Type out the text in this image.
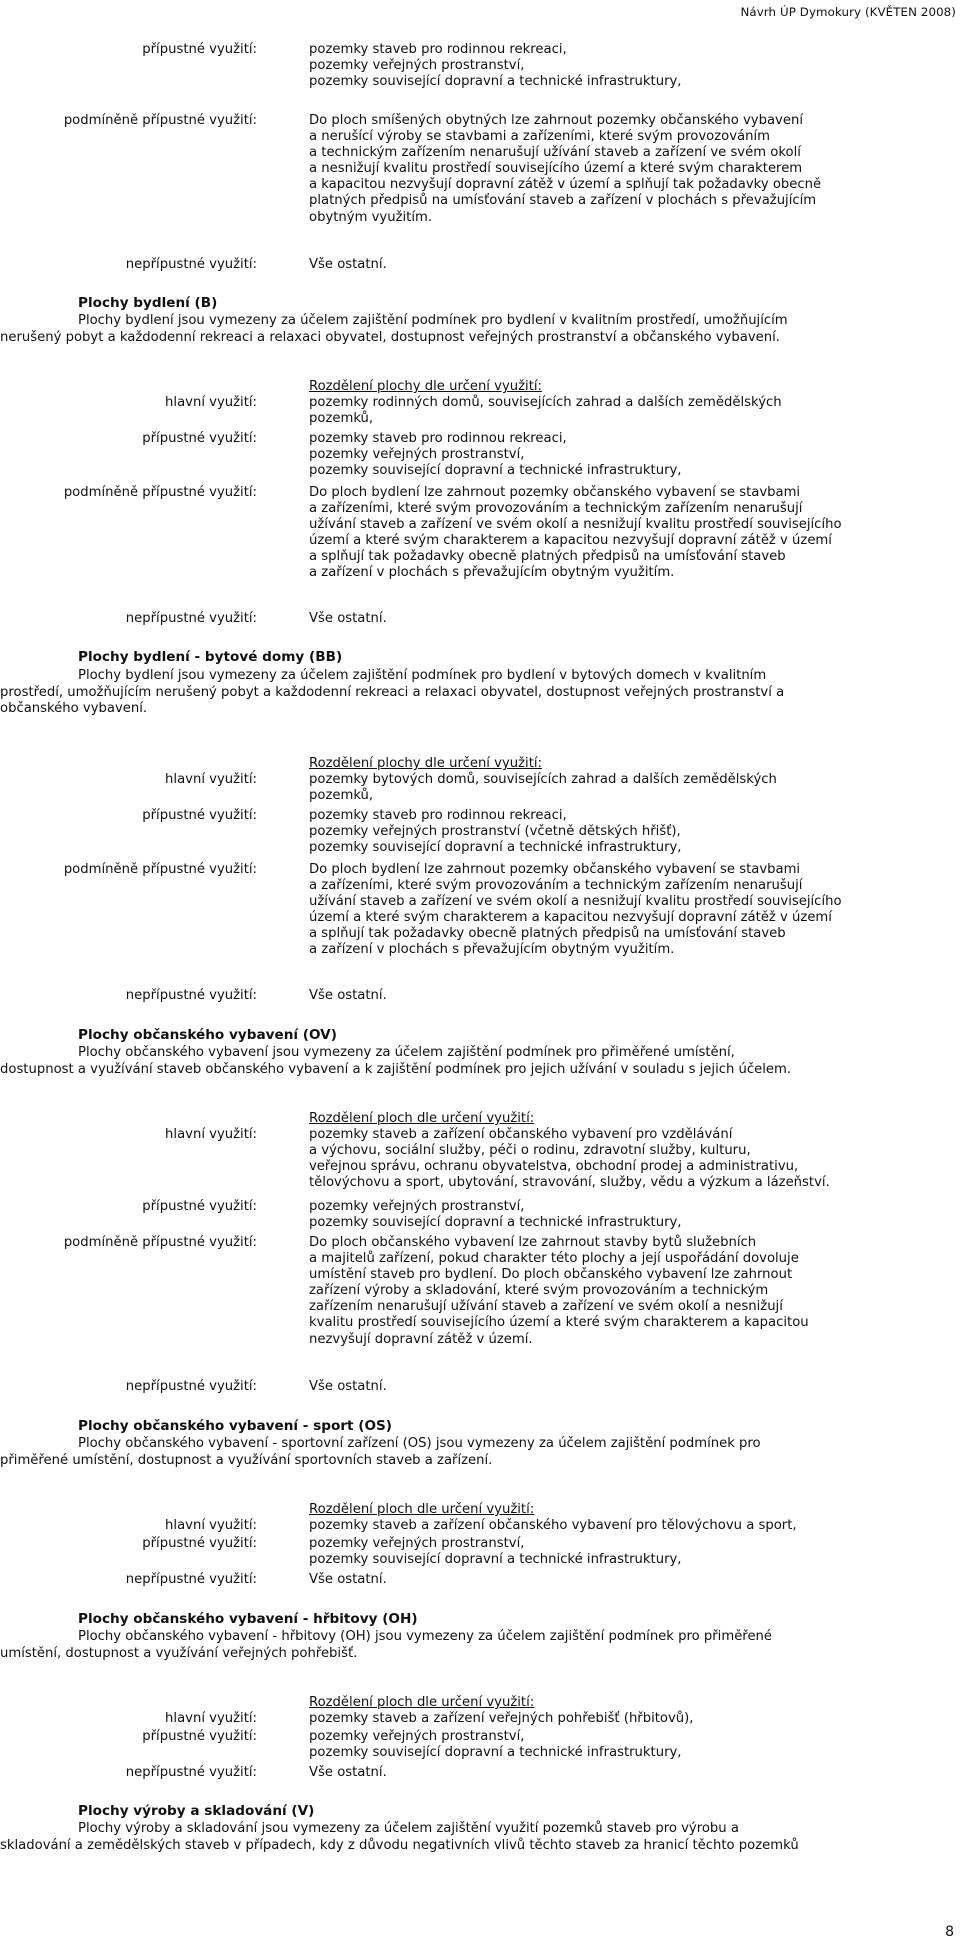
Návrh ÚP Dymokury (KVĚTEN 2008)
přípustné využití:	pozemky staveb pro rodinnou rekreaci,
pozemky veřejných prostranství,
pozemky související dopravní a technické infrastruktury,
podmíněně přípustné využití:	Do ploch smíšených obytných lze zahrnout pozemky občanského vybavení
a nerušící výroby se stavbami a zařízeními, které svým provozováním
a technickým zařízením nenarušují užívání staveb a zařízení ve svém okolí
a nesnižují kvalitu prostředí souvisejícího území a které svým charakterem
a kapacitou nezvyšují dopravní zátěž v území a splňují tak požadavky obecně
platných předpisů na umísťování staveb a zařízení v plochách s převažujícím
obytným využitím.
nepřípustné využití:	Vše ostatní.
Plochy bydlení (B)
Plochy bydlení jsou vymezeny za účelem zajištění podmínek pro bydlení v kvalitním prostředí, umožňujícím
nerušený pobyt a každodenní rekreaci a relaxaci obyvatel, dostupnost veřejných prostranství a občanského vybavení.
Rozdělení plochy dle určení využití:
hlavní využití:	pozemky rodinných domů, souvisejících zahrad a dalších zemědělských
pozemků,
přípustné využití:	pozemky staveb pro rodinnou rekreaci,
pozemky veřejných prostranství,
pozemky související dopravní a technické infrastruktury,
podmíněně přípustné využití:	Do ploch bydlení lze zahrnout pozemky občanského vybavení se stavbami
a zařízeními, které svým provozováním a technickým zařízením nenarušují
užívání staveb a zařízení ve svém okolí a nesnižují kvalitu prostředí souvisejícího
území a které svým charakterem a kapacitou nezvyšují dopravní zátěž v území
a splňují tak požadavky obecně platných předpisů na umísťování staveb
a zařízení v plochách s převažujícím obytným využitím.
nepřípustné využití:	Vše ostatní.
Plochy bydlení - bytové domy (BB)
Plochy bydlení jsou vymezeny za účelem zajištění podmínek pro bydlení v bytových domech v kvalitním
prostředí, umožňujícím nerušený pobyt a každodenní rekreaci a relaxaci obyvatel, dostupnost veřejných prostranství a
občanského vybavení.
Rozdělení plochy dle určení využití:
hlavní využití:	pozemky bytových domů, souvisejících zahrad a dalších zemědělských
pozemků,
přípustné využití:	pozemky staveb pro rodinnou rekreaci,
pozemky veřejných prostranství (včetně dětských hřišť),
pozemky související dopravní a technické infrastruktury,
podmíněně přípustné využití:	Do ploch bydlení lze zahrnout pozemky občanského vybavení se stavbami
a zařízeními, které svým provozováním a technickým zařízením nenarušují
užívání staveb a zařízení ve svém okolí a nesnižují kvalitu prostředí souvisejícího
území a které svým charakterem a kapacitou nezvyšují dopravní zátěž v území
a splňují tak požadavky obecně platných předpisů na umísťování staveb
a zařízení v plochách s převažujícím obytným využitím.
nepřípustné využití:	Vše ostatní.
Plochy občanského vybavení (OV)
Plochy občanského vybavení jsou vymezeny za účelem zajištění podmínek pro přiměřené umístění,
dostupnost a využívání staveb občanského vybavení a k zajištění podmínek pro jejich užívání v souladu s jejich účelem.
Rozdělení ploch dle určení využití:
hlavní využití:	pozemky staveb a zařízení občanského vybavení pro vzdělávání
a výchovu, sociální služby, péči o rodinu, zdravotní služby, kulturu,
veřejnou správu, ochranu obyvatelstva, obchodní prodej a administrativu,
tělovýchovu a sport, ubytování, stravování, služby, vědu a výzkum a lázeňství.
přípustné využití:	pozemky veřejných prostranství,
pozemky související dopravní a technické infrastruktury,
podmíněně přípustné využití:	Do ploch občanského vybavení lze zahrnout stavby bytů služebních
a majitelů zařízení, pokud charakter této plochy a její uspořádání dovoluje
umístění staveb pro bydlení. Do ploch občanského vybavení lze zahrnout
zařízení výroby a skladování, které svým provozováním a technickým
zařízením nenarušují užívání staveb a zařízení ve svém okolí a nesnižují
kvalitu prostředí souvisejícího území a které svým charakterem a kapacitou
nezvyšují dopravní zátěž v území.
nepřípustné využití:	Vše ostatní.
Plochy občanského vybavení - sport (OS)
Plochy občanského vybavení - sportovní zařízení (OS) jsou vymezeny za účelem zajištění podmínek pro
přiměřené umístění, dostupnost a využívání sportovních staveb a zařízení.
Rozdělení ploch dle určení využití:
hlavní využití:	pozemky staveb a zařízení občanského vybavení pro tělovýchovu a sport,
přípustné využití:	pozemky veřejných prostranství,
pozemky související dopravní a technické infrastruktury,
nepřípustné využití:	Vše ostatní.
Plochy občanského vybavení - hřbitovy (OH)
Plochy občanského vybavení - hřbitovy (OH) jsou vymezeny za účelem zajištění podmínek pro přiměřené
umístění, dostupnost a využívání veřejných pohřebišť.
Rozdělení ploch dle určení využití:
hlavní využití:	pozemky staveb a zařízení veřejných pohřebišť (hřbitovů),
přípustné využití:	pozemky veřejných prostranství,
pozemky související dopravní a technické infrastruktury,
nepřípustné využití:	Vše ostatní.
Plochy výroby a skladování (V)
Plochy výroby a skladování jsou vymezeny za účelem zajištění využití pozemků staveb pro výrobu a
skladování a zemědělských staveb v případech, kdy z důvodu negativních vlivů těchto staveb za hranicí těchto pozemků
8
